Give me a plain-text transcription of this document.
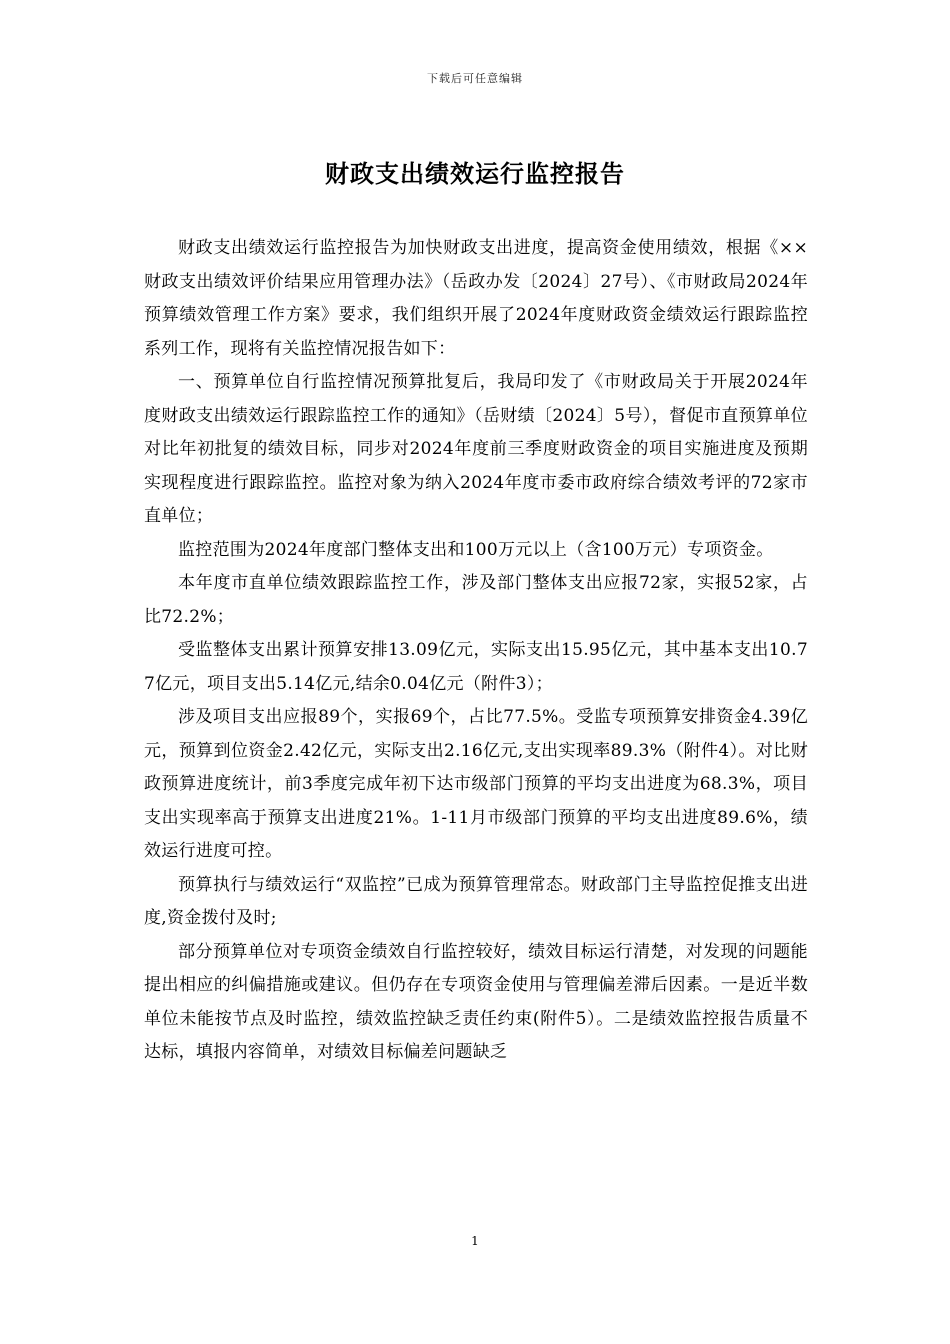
下载后可任意编辑
财政支出绩效运行监控报告

财政支出绩效运行监控报告为加快财政支出进度，提高资金使用绩效，根据《××财政支出绩效评价结果应用管理办法》（岳政办发〔2024〕27号）、《市财政局2024年预算绩效管理工作方案》要求，我们组织开展了2024年度财政资金绩效运行跟踪监控系列工作，现将有关监控情况报告如下：

一、预算单位自行监控情况预算批复后，我局印发了《市财政局关于开展2024年度财政支出绩效运行跟踪监控工作的通知》（岳财绩〔2024〕5号），督促市直预算单位对比年初批复的绩效目标，同步对2024年度前三季度财政资金的项目实施进度及预期实现程度进行跟踪监控。监控对象为纳入2024年度市委市政府综合绩效考评的72家市直单位；

监控范围为2024年度部门整体支出和100万元以上（含100万元）专项资金。

本年度市直单位绩效跟踪监控工作，涉及部门整体支出应报72家，实报52家，占比72.2%；

受监整体支出累计预算安排13.09亿元，实际支出15.95亿元，其中基本支出10.77亿元，项目支出5.14亿元,结余0.04亿元（附件3）；

涉及项目支出应报89个，实报69个，占比77.5%。受监专项预算安排资金4.39亿元，预算到位资金2.42亿元，实际支出2.16亿元,支出实现率89.3%（附件4）。对比财政预算进度统计，前3季度完成年初下达市级部门预算的平均支出进度为68.3%，项目支出实现率高于预算支出进度21%。1-11月市级部门预算的平均支出进度89.6%，绩效运行进度可控。

预算执行与绩效运行“双监控”已成为预算管理常态。财政部门主导监控促推支出进度,资金拨付及时;

部分预算单位对专项资金绩效自行监控较好，绩效目标运行清楚，对发现的问题能提出相应的纠偏措施或建议。但仍存在专项资金使用与管理偏差滞后因素。一是近半数单位未能按节点及时监控，绩效监控缺乏责任约束(附件5）。二是绩效监控报告质量不达标，填报内容简单，对绩效目标偏差问题缺乏

1
